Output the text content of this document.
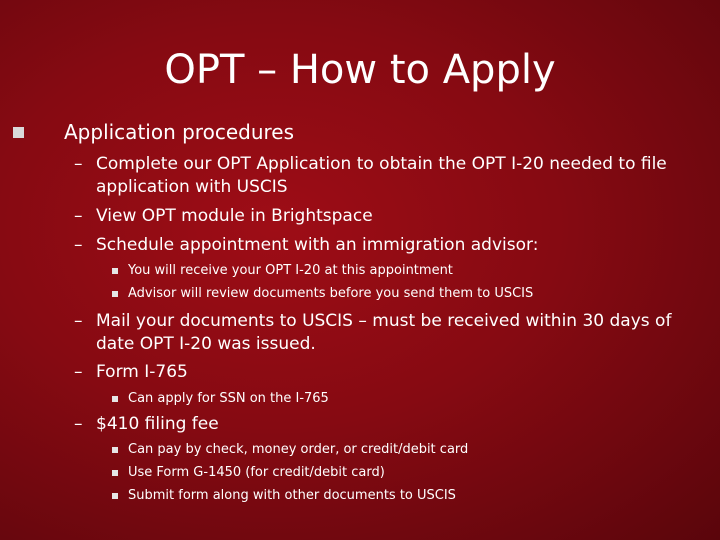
OPT – How to Apply
Application procedures
– Complete our OPT Application to obtain the OPT I-20 needed to file application with USCIS
– View OPT module in Brightspace
– Schedule appointment with an immigration advisor:
You will receive your OPT I-20 at this appointment
Advisor will review documents before you send them to USCIS
– Mail your documents to USCIS – must be received within 30 days of date OPT I-20 was issued.
– Form I-765
Can apply for SSN on the I-765
– $410 filing fee
Can pay by check, money order, or credit/debit card
Use Form G-1450 (for credit/debit card)
Submit form along with other documents to USCIS
